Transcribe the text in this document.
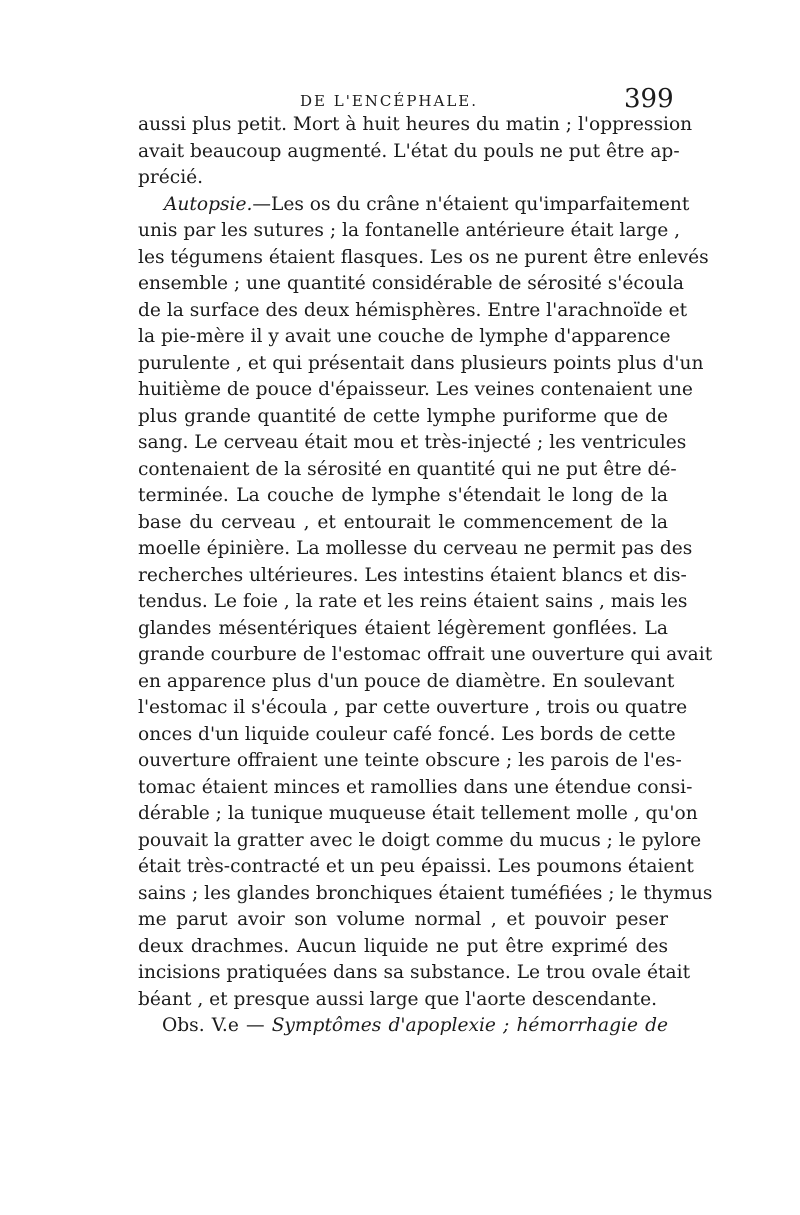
DE L'ENCÉPHALE.	399
aussi plus petit. Mort à huit heures du matin ; l'oppression
avait beaucoup augmenté. L'état du pouls ne put être ap-
précié.
Autopsie.—Les os du crâne n'étaient qu'imparfaitement
unis par les sutures ; la fontanelle antérieure était large ,
les tégumens étaient flasques. Les os ne purent être enlevés
ensemble ; une quantité considérable de sérosité s'écoula
de la surface des deux hémisphères. Entre l'arachnoïde et
la pie-mère il y avait une couche de lymphe d'apparence
purulente , et qui présentait dans plusieurs points plus d'un
huitième de pouce d'épaisseur. Les veines contenaient une
plus grande quantité de cette lymphe puriforme que de
sang. Le cerveau était mou et très-injecté ; les ventricules
contenaient de la sérosité en quantité qui ne put être dé-
terminée. La couche de lymphe s'étendait le long de la
base du cerveau , et entourait le commencement de la
moelle épinière. La mollesse du cerveau ne permit pas des
recherches ultérieures. Les intestins étaient blancs et dis-
tendus. Le foie , la rate et les reins étaient sains , mais les
glandes mésentériques étaient légèrement gonflées. La
grande courbure de l'estomac offrait une ouverture qui avait
en apparence plus d'un pouce de diamètre. En soulevant
l'estomac il s'écoula , par cette ouverture , trois ou quatre
onces d'un liquide couleur café foncé. Les bords de cette
ouverture offraient une teinte obscure ; les parois de l'es-
tomac étaient minces et ramollies dans une étendue consi-
dérable ; la tunique muqueuse était tellement molle , qu'on
pouvait la gratter avec le doigt comme du mucus ; le pylore
était très-contracté et un peu épaissi. Les poumons étaient
sains ; les glandes bronchiques étaient tuméfiées ; le thymus
me parut avoir son volume normal , et pouvoir peser
deux drachmes. Aucun liquide ne put être exprimé des
incisions pratiquées dans sa substance. Le trou ovale était
béant , et presque aussi large que l'aorte descendante.
Obs. V.e — Symptômes d'apoplexie ; hémorrhagie de
